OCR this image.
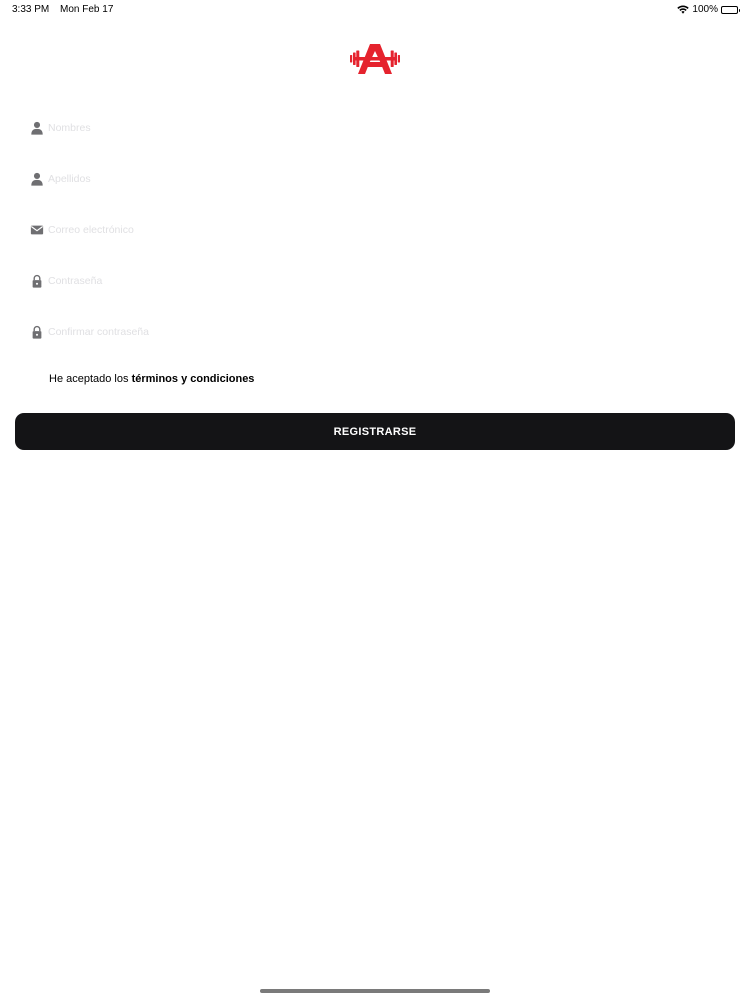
3:33 PM Mon Feb 17	100%
Nombres
Apellidos
Correo electrónico
He aceptado los términos y condiciones
REGISTRARSE
